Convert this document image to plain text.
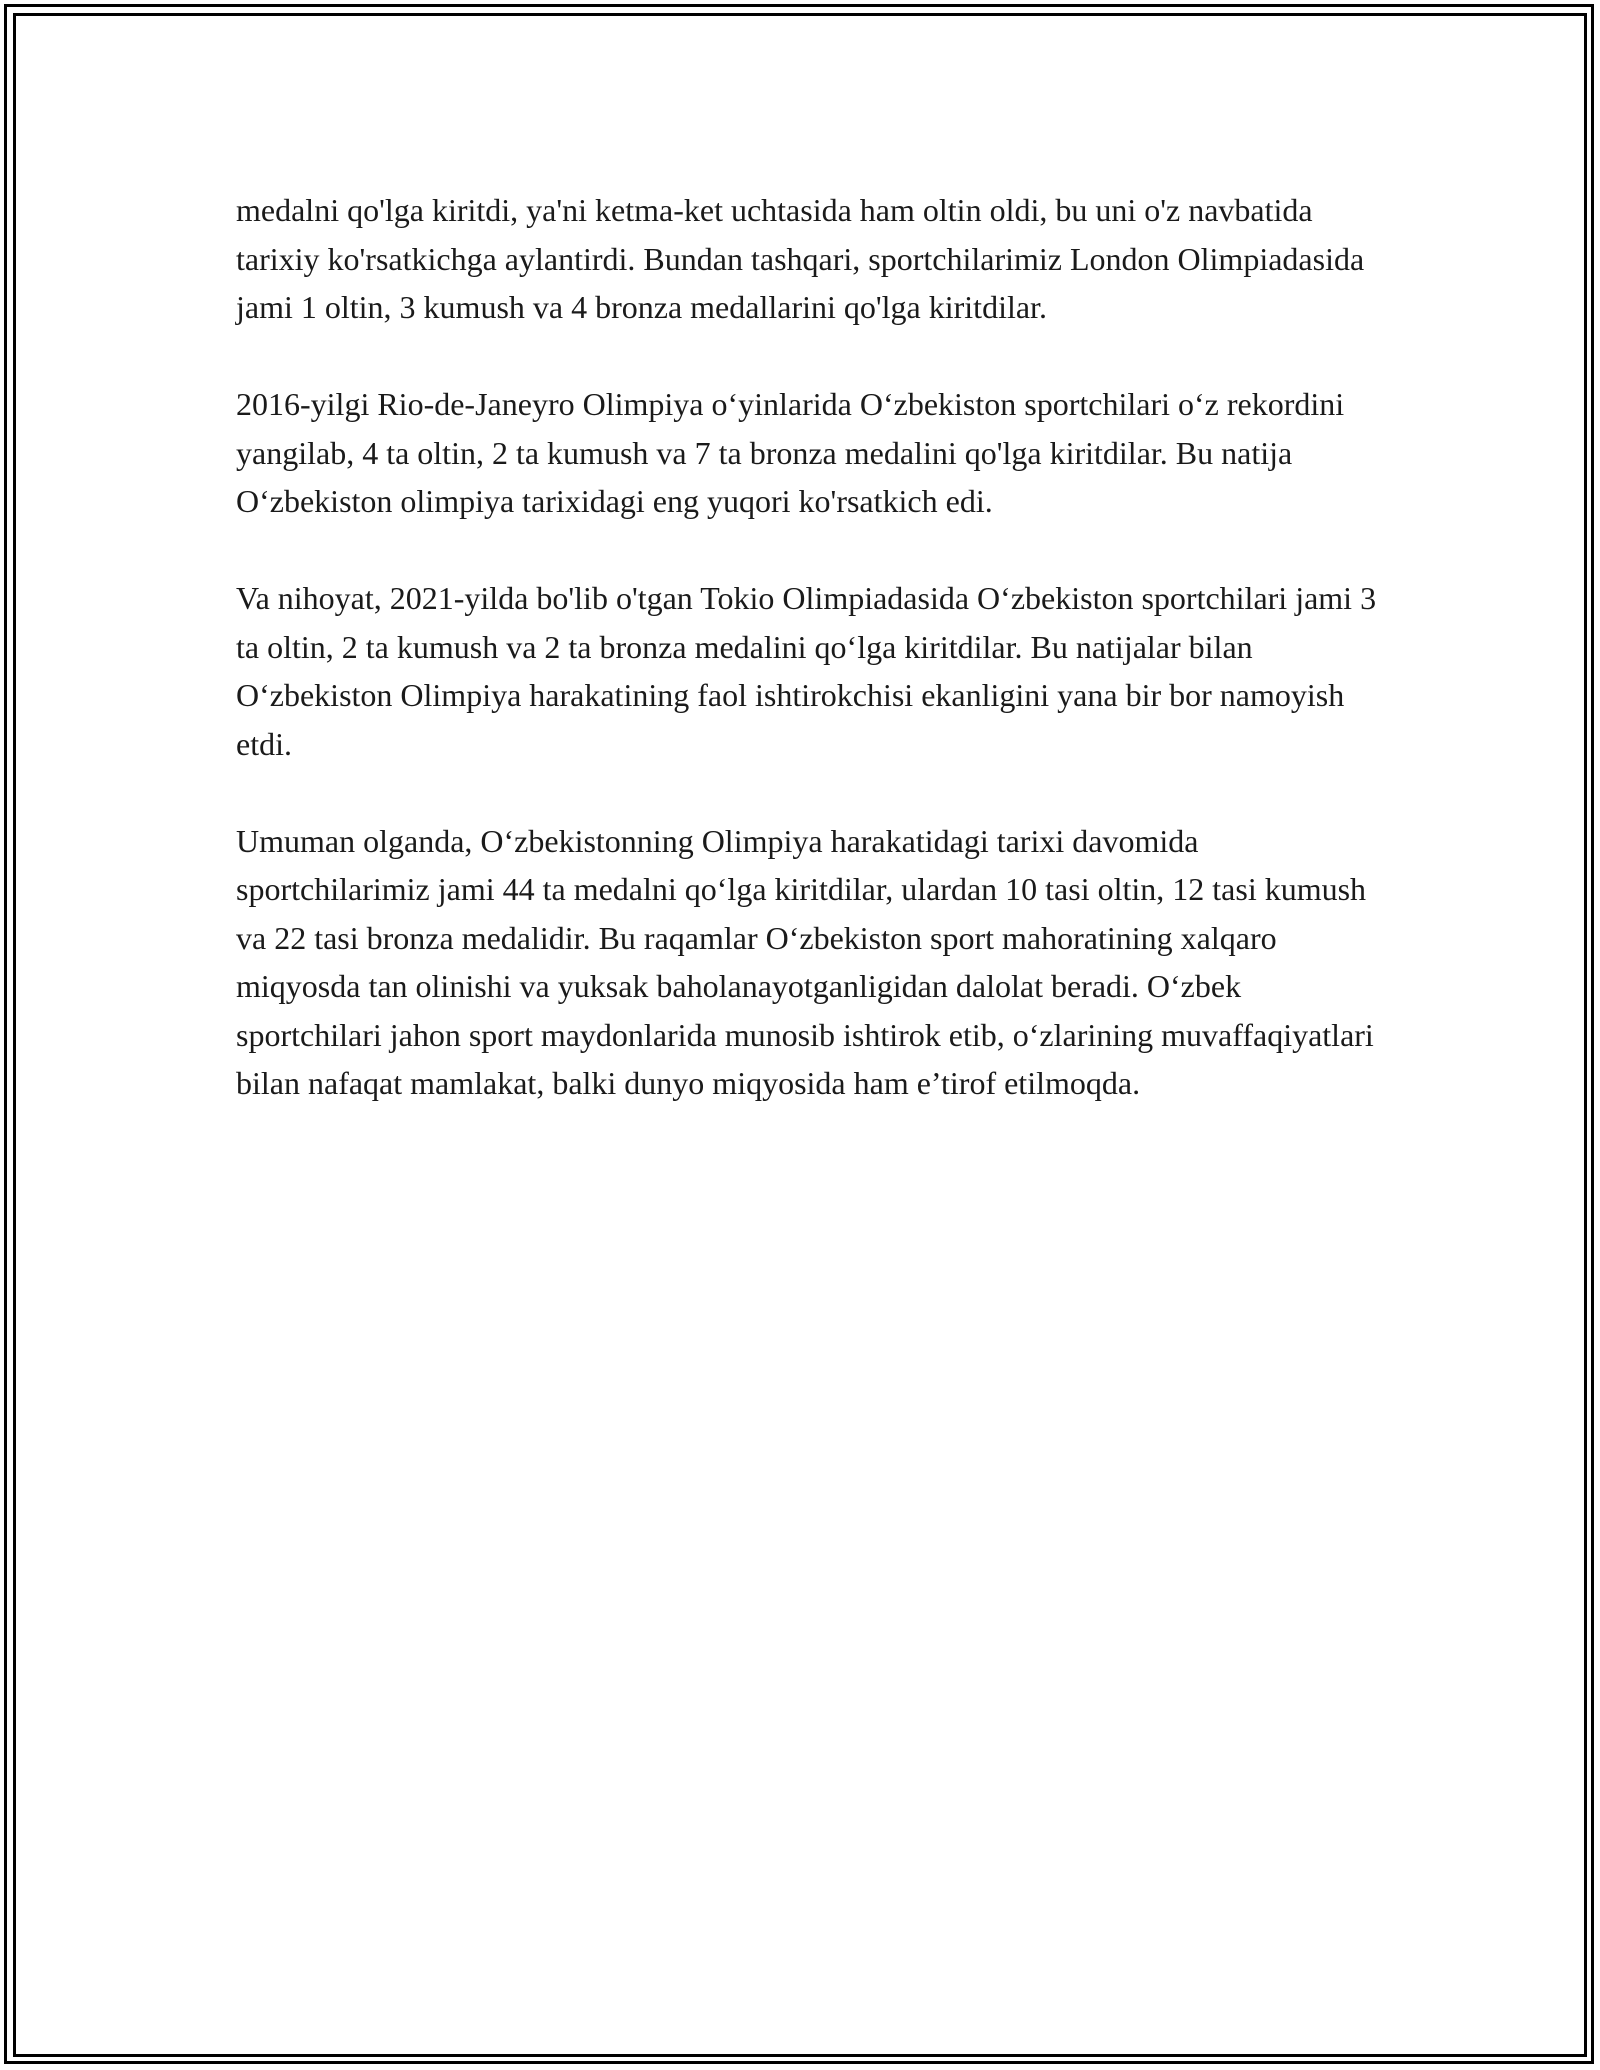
medalni qo'lga kiritdi, ya'ni ketma-ket uchtasida ham oltin oldi, bu uni o'z navbatida tarixiy ko'rsatkichga aylantirdi. Bundan tashqari, sportchilarimiz London Olimpiadasida jami 1 oltin, 3 kumush va 4 bronza medallarini qo'lga kiritdilar.

2016-yilgi Rio-de-Janeyro Olimpiya o‘yinlarida O‘zbekiston sportchilari o‘z rekordini yangilab, 4 ta oltin, 2 ta kumush va 7 ta bronza medalini qo'lga kiritdilar. Bu natija O‘zbekiston olimpiya tarixidagi eng yuqori ko'rsatkich edi.

Va nihoyat, 2021-yilda bo'lib o'tgan Tokio Olimpiadasida O‘zbekiston sportchilari jami 3 ta oltin, 2 ta kumush va 2 ta bronza medalini qo‘lga kiritdilar. Bu natijalar bilan O‘zbekiston Olimpiya harakatining faol ishtirokchisi ekanligini yana bir bor namoyish etdi.

Umuman olganda, O‘zbekistonning Olimpiya harakatidagi tarixi davomida sportchilarimiz jami 44 ta medalni qo‘lga kiritdilar, ulardan 10 tasi oltin, 12 tasi kumush va 22 tasi bronza medalidir. Bu raqamlar O‘zbekiston sport mahoratining xalqaro miqyosda tan olinishi va yuksak baholanayotganligidan dalolat beradi. O‘zbek sportchilari jahon sport maydonlarida munosib ishtirok etib, o‘zlarining muvaffaqiyatlari bilan nafaqat mamlakat, balki dunyo miqyosida ham e’tirof etilmoqda.
